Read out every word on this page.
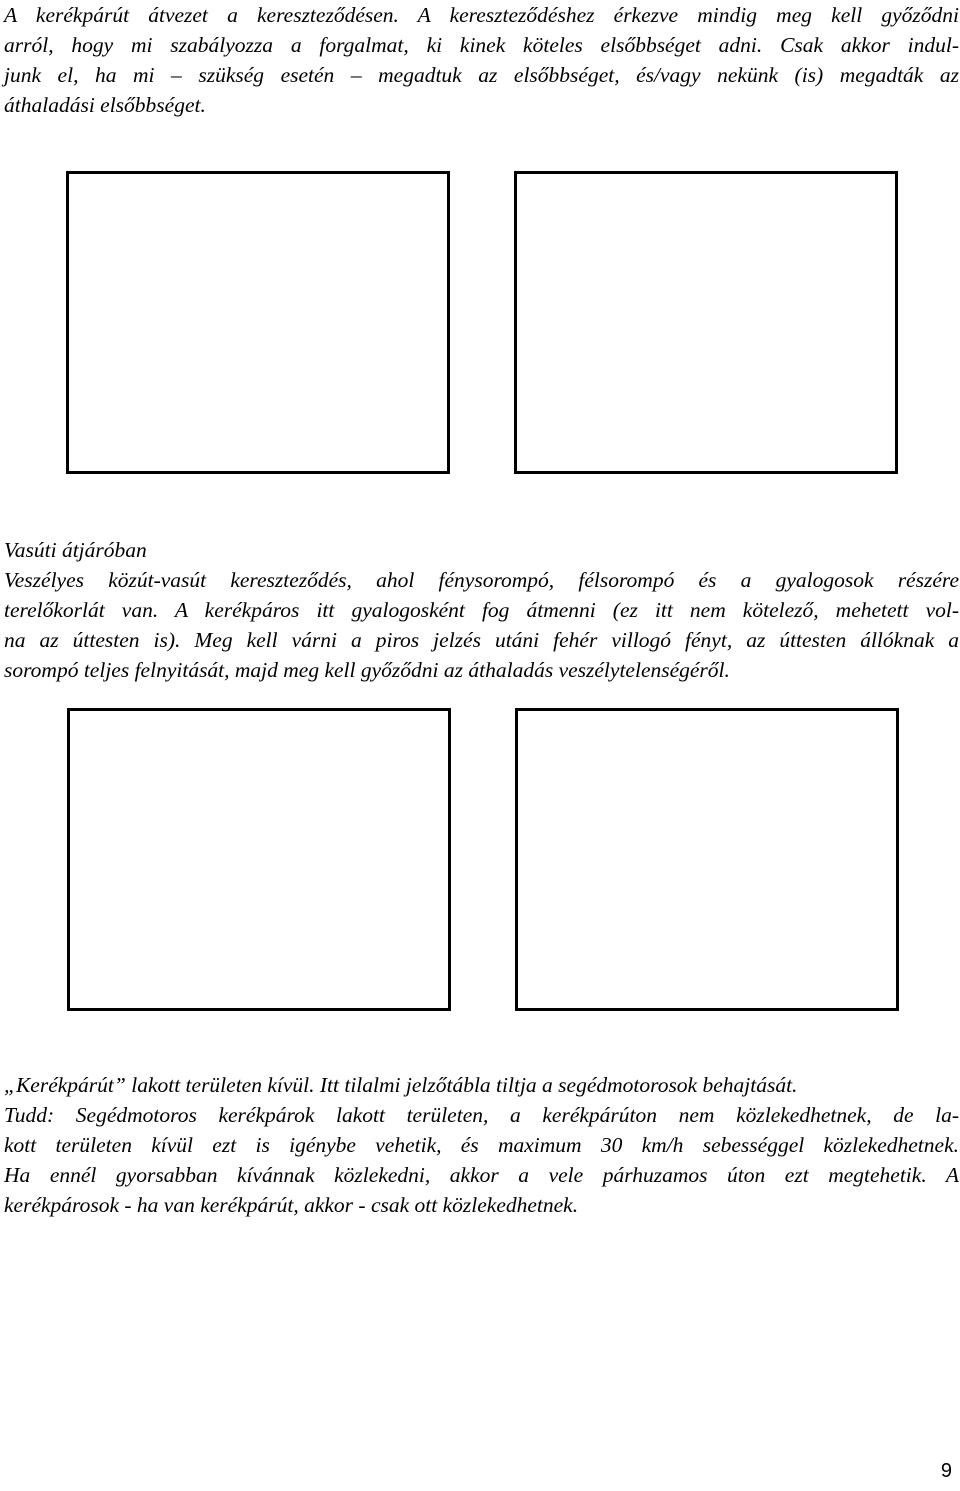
A kerékpárút átvezet a kereszteződésen. A kereszteződéshez érkezve mindig meg kell győződni
arról, hogy mi szabályozza a forgalmat, ki kinek köteles elsőbbséget adni. Csak akkor indul-
junk el, ha mi – szükség esetén – megadtuk az elsőbbséget, és/vagy nekünk (is) megadták az
áthaladási elsőbbséget.
Vasúti átjáróban
Veszélyes közút-vasút kereszteződés, ahol fénysorompó, félsorompó és a gyalogosok részére
terelőkorlát van. A kerékpáros itt gyalogosként fog átmenni (ez itt nem kötelező, mehetett vol-
na az úttesten is). Meg kell várni a piros jelzés utáni fehér villogó fényt, az úttesten állóknak a
sorompó teljes felnyitását, majd meg kell győződni az áthaladás veszélytelenségéről.
„Kerékpárút” lakott területen kívül. Itt tilalmi jelzőtábla tiltja a segédmotorosok behajtását.
Tudd: Segédmotoros kerékpárok lakott területen, a kerékpárúton nem közlekedhetnek, de la-
kott területen kívül ezt is igénybe vehetik, és maximum 30 km/h sebességgel közlekedhetnek.
Ha ennél gyorsabban kívánnak közlekedni, akkor a vele párhuzamos úton ezt megtehetik. A
kerékpárosok - ha van kerékpárút, akkor - csak ott közlekedhetnek.
9
